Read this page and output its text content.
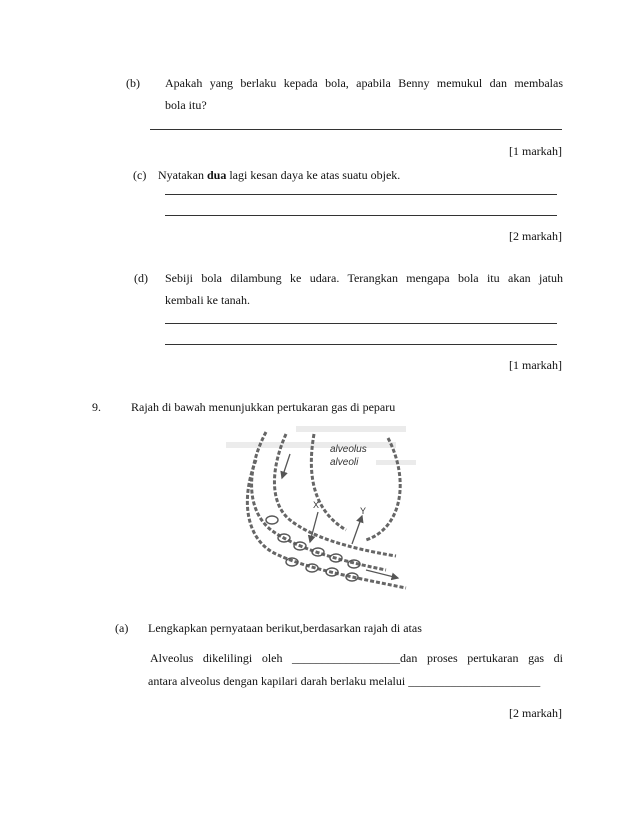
(b) Apakah yang berlaku kepada bola, apabila Benny memukul dan membalas
bola itu?
[1 markah]
(c) Nyatakan dua lagi kesan daya ke atas suatu objek.
[2 markah]
(d) Sebiji bola dilambung ke udara. Terangkan mengapa bola itu akan jatuh
kembali ke tanah.
[1 markah]
9.	Rajah di bawah menunjukkan pertukaran gas di peparu
alveolus
alveoli
X
Y
(a) Lengkapkan pernyataan berikut,berdasarkan rajah di atas
Alveolus dikelilingi oleh __________________dan proses pertukaran gas di
antara alveolus dengan kapilari darah berlaku melalui ______________________
[2 markah]
